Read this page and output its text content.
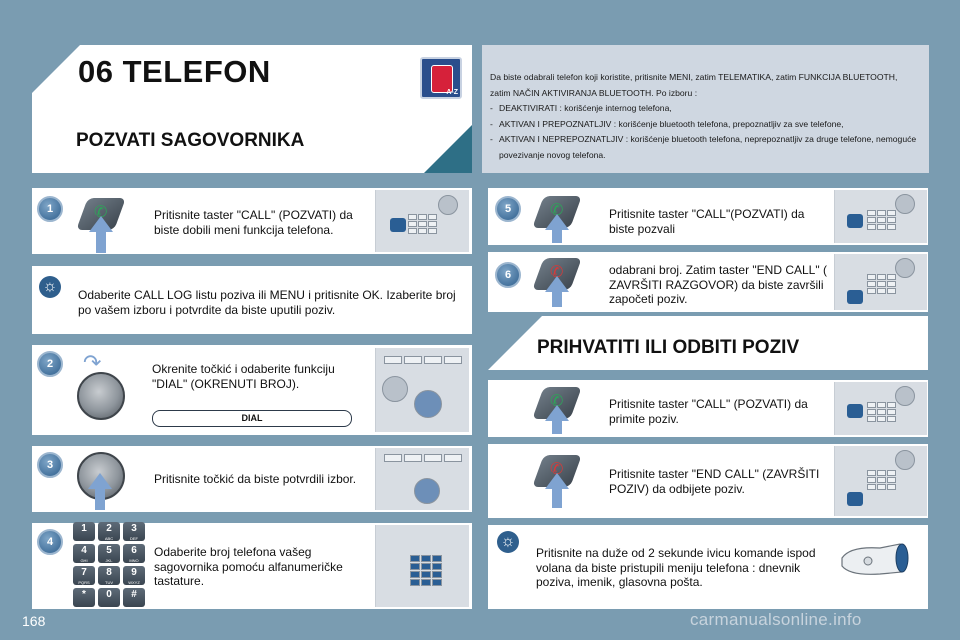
06 TELEFON
A-Z
POZVATI SAGOVORNIKA
Da biste odabrali telefon koji koristite, pritisnite MENI, zatim TELEMATIKA, zatim FUNKCIJA BLUETOOTH, zatim NAČIN AKTIVIRANJA BLUETOOTH. Po izboru :
- DEAKTIVIRATI : korišćenje internog telefona,
- AKTIVAN I PREPOZNATLJIV : korišćenje bluetooth telefona, prepoznatljiv za sve telefone,
- AKTIVAN I NEPREPOZNATLJIV : korišćenje bluetooth telefona, neprepoznatljiv za druge telefone, nemoguće povezivanje novog telefona.
1	✆	Pritisnite taster "CALL" (POZVATI) da biste dobili meni funkcija telefona.
☼	Odaberite CALL LOG listu poziva ili MENU i pritisnite OK. Izaberite broj po vašem izboru i potvrdite da biste uputili poziv.
2	↷	Okrenite točkić i odaberite funkciju "DIAL" (OKRENUTI BROJ).
DIAL
3
Pritisnite točkić da biste potvrdili izbor.
4
1	2
ABC
3
DEF
4
GHI
5
JKL
6
MNO
7
PQRS
8
TUV
9
WXYZ
*	0	#
Odaberite broj telefona vašeg sagovornika pomoću alfanumeričke tastature.
5	✆	Pritisnite taster "CALL"(POZVATI) da biste pozvali
6	✆	odabrani broj. Zatim taster "END CALL" ( ZAVRŠITI RAZGOVOR) da biste završili započeti poziv.
PRIHVATITI ILI ODBITI POZIV
✆	Pritisnite taster "CALL" (POZVATI) da primite poziv.
✆	Pritisnite taster "END CALL" (ZAVRŠITI POZIV) da odbijete poziv.
☼
Pritisnite na duže od 2 sekunde ivicu komande ispod volana da biste pristupili meniju telefona : dnevnik poziva, imenik, glasovna pošta.
168	carmanualsonline.info
